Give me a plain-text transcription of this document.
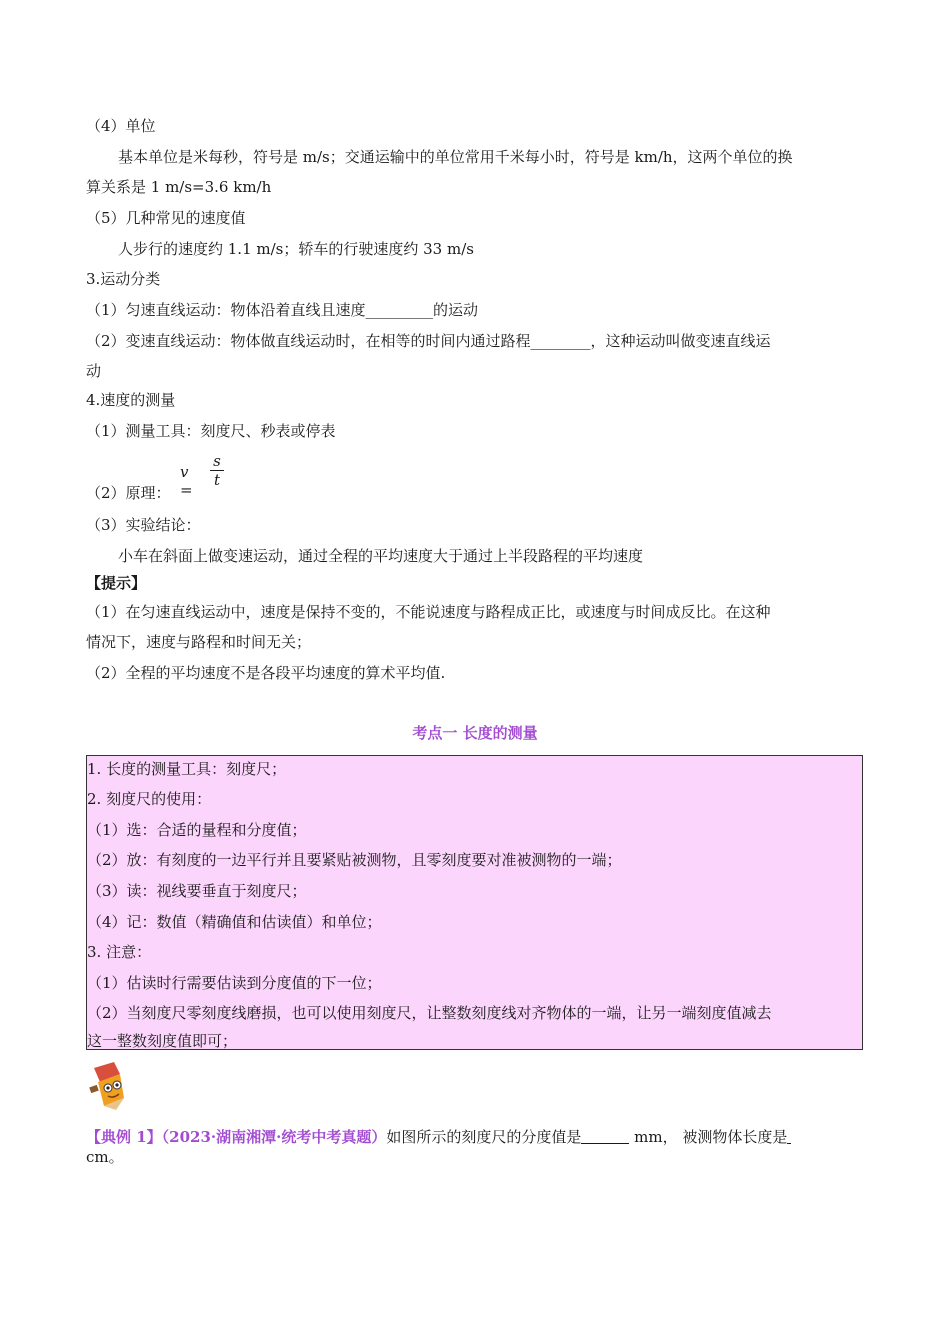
（4）单位
基本单位是米每秒，符号是 m/s；交通运输中的单位常用千米每小时，符号是 km/h，这两个单位的换
算关系是 1 m/s=3.6 km/h
（5）几种常见的速度值
人步行的速度约 1.1 m/s；轿车的行驶速度约 33 m/s
3.运动分类
（1）匀速直线运动：物体沿着直线且速度_________的运动
（2）变速直线运动：物体做直线运动时，在相等的时间内通过路程________，这种运动叫做变速直线运
动
4.速度的测量
（1）测量工具：刻度尺、秒表或停表
（2）原理：
（3）实验结论：
小车在斜面上做变速运动，通过全程的平均速度大于通过上半段路程的平均速度
【提示】
（1）在匀速直线运动中，速度是保持不变的，不能说速度与路程成正比，或速度与时间成反比。在这种
情况下，速度与路程和时间无关；
（2）全程的平均速度不是各段平均速度的算术平均值.
v =
$\frac{s}{t}$
考点一 长度的测量
1. 长度的测量工具：刻度尺；
2. 刻度尺的使用：
（1）选：合适的量程和分度值；
（2）放：有刻度的一边平行并且要紧贴被测物，且零刻度要对准被测物的一端；
（3）读：视线要垂直于刻度尺；
（4）记：数值（精确值和估读值）和单位；
3. 注意：
（1）估读时行需要估读到分度值的下一位；
（2）当刻度尺零刻度线磨损，也可以使用刻度尺，让整数刻度线对齐物体的一端，让另一端刻度值减去
这一整数刻度值即可；
【典例 1】（2023·湖南湘潭·统考中考真题）如图所示的刻度尺的分度值是	mm， 被测物体长度是
cm。
